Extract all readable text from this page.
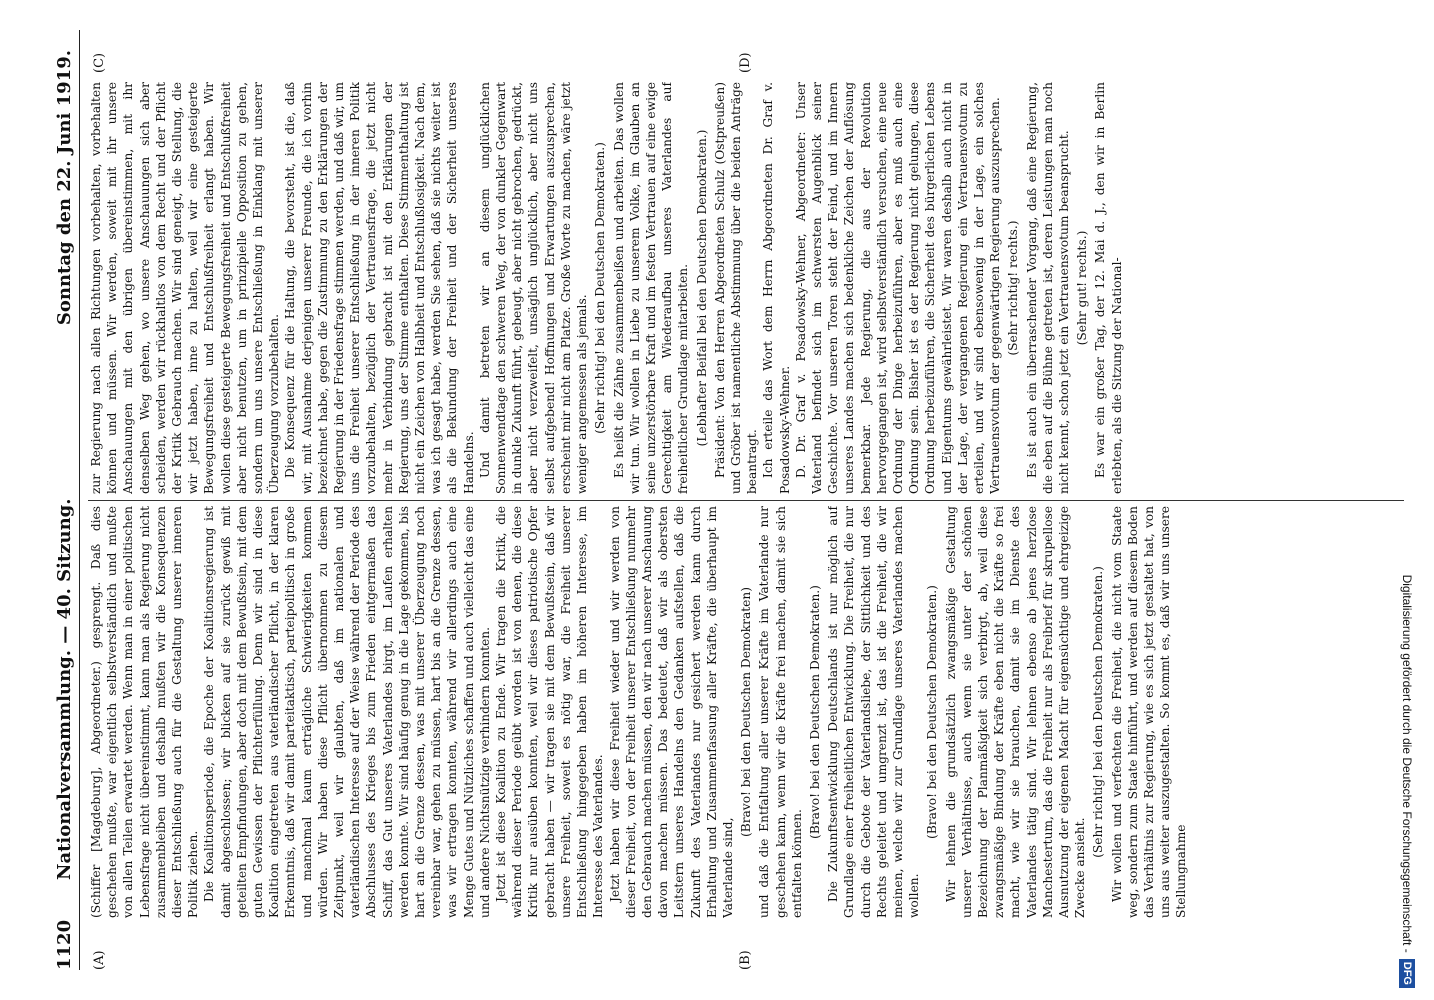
1120
Nationalversammlung. — 40. Sitzung.
Sonntag den 22. Juni 1919.
(A)	(B)
(C)	(D)

(Schiffer [Magdeburg], Abgeordneter.) gesprengt. Daß dies geschehen mußte, war eigentlich selbstverständlich und mußte von allen Teilen erwartet werden. Wenn man in einer politischen Lebensfrage nicht übereinstimmt, kann man als Regierung nicht zusammenbleiben und deshalb mußten wir die Konsequenzen dieser Entschließung auch für die Gestaltung unserer inneren Politik ziehen. Die Koalitionsperiode, die Epoche der Koalitionsregierung ist damit abgeschlossen; wir blicken auf sie zurück gewiß mit geteilten Empfindungen, aber doch mit dem Bewußtsein, mit dem guten Gewissen der Pflichterfüllung. Denn wir sind in diese Koalition eingetreten aus vaterländischer Pflicht, in der klaren Erkenntnis, daß wir damit parteitaktisch, parteipolitisch in große und manchmal kaum erträgliche Schwierigkeiten kommen würden. Wir haben diese Pflicht übernommen zu diesem Zeitpunkt, weil wir glaubten, daß im nationalen und vaterländischen Interesse auf der Weise während der Periode des Abschlusses des Krieges bis zum Frieden eintgermaßen das Schiff, das Gut unseres Vaterlandes birgt, im Laufen erhalten werden konnte. Wir sind häufig genug in die Lage gekommen, bis hart an die Grenze dessen, was mit unserer Überzeugung noch vereinbar war, gehen zu müssen, hart bis an die Grenze dessen, was wir ertragen konnten, während wir allerdings auch eine Menge Gutes und Nützliches schaffen und auch vielleicht das eine und andere Nichtsnützige verhindern konnten. Jetzt ist diese Koalition zu Ende. Wir tragen die Kritik, die während dieser Periode geübt worden ist von denen, die diese Kritik nur ausüben konnten, weil wir dieses patriotische Opfer gebracht haben — wir tragen sie mit dem Bewußtsein, daß wir unsere Freiheit, soweit es nötig war, die Freiheit unserer Entschließung hingegeben haben im höheren Interesse, im Interesse des Vaterlandes. Jetzt haben wir diese Freiheit wieder und wir werden von dieser Freiheit, von der Freiheit unserer Entschließung nunmehr den Gebrauch machen müssen, den wir nach unserer Anschauung davon machen müssen. Das bedeutet, daß wir als obersten Leitstern unseres Handelns den Gedanken aufstellen, daß die Zukunft des Vaterlandes nur gesichert werden kann durch Erhaltung und Zusammenfassung aller Kräfte, die überhaupt im Vaterlande sind,

(Bravo! bei den Deutschen Demokraten) und daß die Entfaltung aller unserer Kräfte im Vaterlande nur geschehen kann, wenn wir die Kräfte frei machen, damit sie sich entfalten können.

(Bravo! bei den Deutschen Demokraten.) Die Zukunftsentwicklung Deutschlands ist nur möglich auf Grundlage einer freiheitlichen Entwicklung. Die Freiheit, die nur durch die Gebote der Vaterlandsliebe, der Sittlichkeit und des Rechts geleitet und umgrenzt ist, das ist die Freiheit, die wir meinen, welche wir zur Grundlage unseres Vaterlandes machen wollen.

(Bravo! bei den Deutschen Demokraten.) Wir lehnen die grundsätzlich zwangsmäßige Gestaltung unserer Verhältnisse, auch wenn sie unter der schönen Bezeichnung der Planmäßigkeit sich verbirgt, ab, weil diese zwangsmäßige Bindung der Kräfte eben nicht die Kräfte so frei macht, wie wir sie brauchen, damit sie im Dienste des Vaterlandes tätig sind. Wir lehnen ebenso ab jenes herzlose Manchestertum, das die Freiheit nur als Freibrief für skrupellose Ausnutzung der eigenen Macht für eigensüchtige und ehrgeizige Zwecke ansieht.

(Sehr richtig! bei den Deutschen Demokraten.) Wir wollen und verfechten die Freiheit, die nicht vom Staate weg, sondern zum Staate hinführt, und werden auf diesem Boden das Verhältnis zur Regierung, wie es sich jetzt gestaltet hat, von uns aus weiter auszugestalten. So kommt es, daß wir uns unsere Stellungnahme

zur Regierung nach allen Richtungen vorbehalten, vorbehalten können und müssen. Wir werden, soweit mit ihr unsere Anschauungen mit den übrigen übereinstimmen, mit ihr denselben Weg gehen, wo unsere Anschauungen sich aber scheiden, werden wir rückhaltlos von dem Recht und der Pflicht der Kritik Gebrauch machen. Wir sind geneigt, die Stellung, die wir jetzt haben, inne zu halten, weil wir eine gesteigerte Bewegungsfreiheit und Entschlußfreiheit erlangt haben. Wir wollen diese gesteigerte Bewegungsfreiheit und Entschlußfreiheit aber nicht benutzen, um in prinzipielle Opposition zu gehen, sondern um uns unsere Entschließung in Einklang mit unserer Überzeugung vorzubehalten. Die Konsequenz für die Haltung, die bevorsteht, ist die, daß wir, mit Ausnahme derjenigen unserer Freunde, die ich vorhin bezeichnet habe, gegen die Zustimmung zu den Erklärungen der Regierung in der Friedensfrage stimmen werden, und daß wir, um uns die Freiheit unserer Entschließung in der inneren Politik vorzubehalten, bezüglich der Vertrauensfrage, die jetzt nicht mehr in Verbindung gebracht ist mit den Erklärungen der Regierung, uns der Stimme enthalten. Diese Stimmenthaltung ist nicht ein Zeichen von Halbheit und Entschlußlosigkeit. Nach dem, was ich gesagt habe, werden Sie sehen, daß sie nichts weiter ist als die Bekundung der Freiheit und der Sicherheit unseres Handelns. Und damit betreten wir an diesem unglücklichen Sonnenwendtage den schweren Weg, der von dunkler Gegenwart in dunkle Zukunft führt, gebeugt, aber nicht gebrochen, gedrückt, aber nicht verzweifelt, unsäglich unglücklich, aber nicht uns selbst aufgebend! Hoffnungen und Erwartungen auszusprechen, erscheint mir nicht am Platze. Große Worte zu machen, wäre jetzt weniger angemessen als jemals. (Sehr richtig! bei den Deutschen Demokraten.) Es heißt die Zähne zusammenbeißen und arbeiten. Das wollen wir tun. Wir wollen in Liebe zu unserem Volke, im Glauben an seine unzerstörbare Kraft und im festen Vertrauen auf eine ewige Gerechtigkeit am Wiederaufbau unseres Vaterlandes auf freiheitlicher Grundlage mitarbeiten. (Lebhafter Beifall bei den Deutschen Demokraten.) Präsident: Von den Herren Abgeordneten Schulz (Ostpreußen) und Gröber ist namentliche Abstimmung über die beiden Anträge beantragt. Ich erteile das Wort dem Herrn Abgeordneten Dr. Graf v. Posadowsky-Wehner. D. Dr. Graf v. Posadowsky-Wehner, Abgeordneter: Unser Vaterland befindet sich im schwersten Augenblick seiner Geschichte. Vor unseren Toren steht der Feind, und im Innern unseres Landes machen sich bedenkliche Zeichen der Auflösung bemerkbar. Jede Regierung, die aus der Revolution hervorgegangen ist, wird selbstverständlich versuchen, eine neue Ordnung der Dinge herbeizuführen, aber es muß auch eine Ordnung sein. Bisher ist es der Regierung nicht gelungen, diese Ordnung herbeizuführen, die Sicherheit des bürgerlichen Lebens und Eigentums gewährleistet. Wir waren deshalb auch nicht in der Lage, der vergangenen Regierung ein Vertrauensvotum zu erteilen, und wir sind ebensowenig in der Lage, ein solches Vertrauensvotum der gegenwärtigen Regierung auszusprechen. (Sehr richtig! rechts.) Es ist auch ein überraschender Vorgang, daß eine Regierung, die eben auf die Bühne getreten ist, deren Leistungen man noch nicht kennt, schon jetzt ein Vertrauensvotum beansprucht. (Sehr gut! rechts.) Es war ein großer Tag, der 12. Mai d. J., den wir in Berlin erlebten, als die Sitzung der National-

Digitalisierung gefördert durch die Deutsche Forschungsgemeinschaft -
DFG
